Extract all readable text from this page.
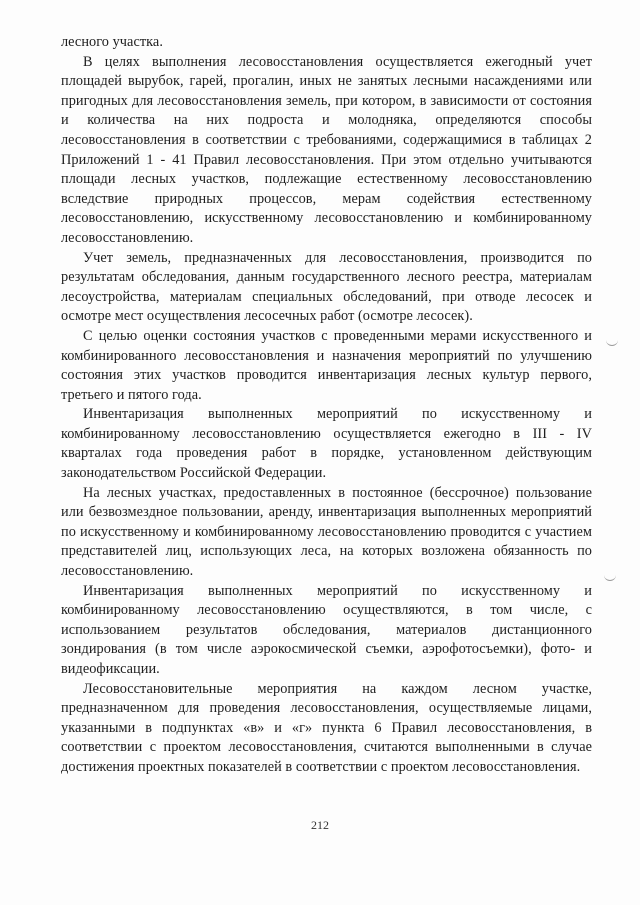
лесного участка.

В целях выполнения лесовосстановления осуществляется ежегодный учет площадей вырубок, гарей, прогалин, иных не занятых лесными насаждениями или пригодных для лесовосстановления земель, при котором, в зависимости от состояния и количества на них подроста и молодняка, определяются способы лесовосстановления в соответствии с требованиями, содержащимися в таблицах 2 Приложений 1 - 41 Правил лесовосстановления. При этом отдельно учитываются площади лесных участков, подлежащие естественному лесовосстановлению вследствие природных процессов, мерам содействия естественному лесовосстановлению, искусственному лесовосстановлению и комбинированному лесовосстановлению.

Учет земель, предназначенных для лесовосстановления, производится по результатам обследования, данным государственного лесного реестра, материалам лесоустройства, материалам специальных обследований, при отводе лесосек и осмотре мест осуществления лесосечных работ (осмотре лесосек).

С целью оценки состояния участков с проведенными мерами искусственного и комбинированного лесовосстановления и назначения мероприятий по улучшению состояния этих участков проводится инвентаризация лесных культур первого, третьего и пятого года.

Инвентаризация выполненных мероприятий по искусственному и комбинированному лесовосстановлению осуществляется ежегодно в III - IV кварталах года проведения работ в порядке, установленном действующим законодательством Российской Федерации.

На лесных участках, предоставленных в постоянное (бессрочное) пользование или безвозмездное пользовании, аренду, инвентаризация выполненных мероприятий по искусственному и комбинированному лесовосстановлению проводится с участием представителей лиц, использующих леса, на которых возложена обязанность по лесовосстановлению.

Инвентаризация выполненных мероприятий по искусственному и комбинированному лесовосстановлению осуществляются, в том числе, с использованием результатов обследования, материалов дистанционного зондирования (в том числе аэрокосмической съемки, аэрофотосъемки), фото- и видеофиксации.

Лесовосстановительные мероприятия на каждом лесном участке, предназначенном для проведения лесовосстановления, осуществляемые лицами, указанными в подпунктах «в» и «г» пункта 6 Правил лесовосстановления, в соответствии с проектом лесовосстановления, считаются выполненными в случае достижения проектных показателей в соответствии с проектом лесовосстановления.

212
